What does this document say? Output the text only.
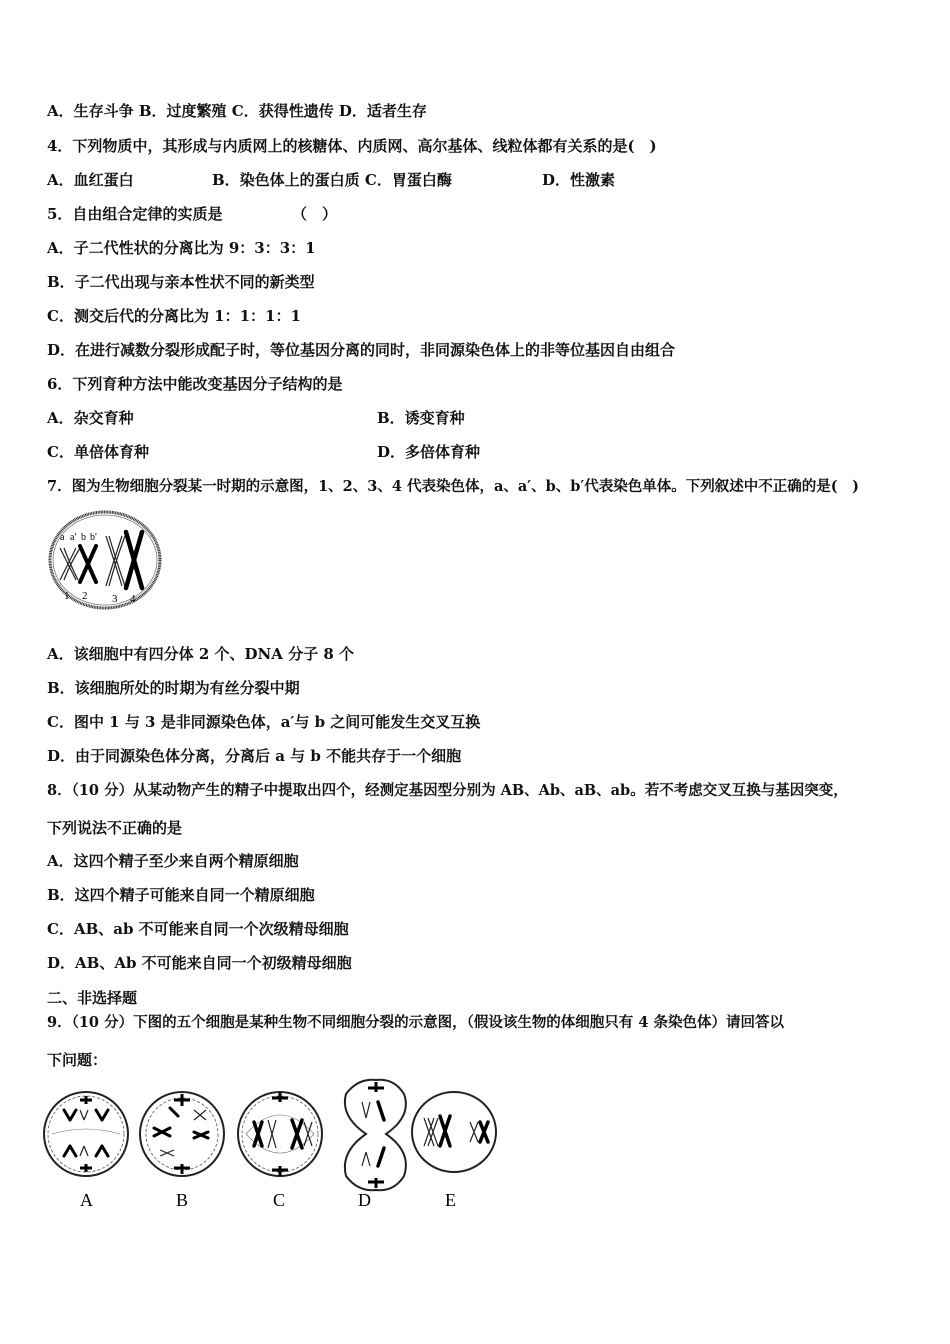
A．生存斗争 B．过度繁殖 C．获得性遗传 D．适者生存
4．下列物质中，其形成与内质网上的核糖体、内质网、高尔基体、线粒体都有关系的是(　)
A．血红蛋白	B．染色体上的蛋白质 C．胃蛋白酶	D．性激素
5．自由组合定律的实质是	（　）
A．子二代性状的分离比为 9：3：3：1
B．子二代出现与亲本性状不同的新类型
C．测交后代的分离比为 1：1：1：1
D．在进行减数分裂形成配子时，等位基因分离的同时，非同源染色体上的非等位基因自由组合
6．下列育种方法中能改变基因分子结构的是
A．杂交育种	B．诱变育种
C．单倍体育种	D．多倍体育种
7．图为生物细胞分裂某一时期的示意图，1、2、3、4 代表染色体，a、a′、b、b′代表染色单体。下列叙述中不正确的是(　)
a a' b b'
1 2 3 4
A．该细胞中有四分体 2 个、DNA 分子 8 个
B．该细胞所处的时期为有丝分裂中期
C．图中 1 与 3 是非同源染色体，a′与 b 之间可能发生交叉互换
D．由于同源染色体分离，分离后 a 与 b 不能共存于一个细胞
8．（10 分）从某动物产生的精子中提取出四个，经测定基因型分别为 AB、Ab、aB、ab。若不考虑交叉互换与基因突变，
下列说法不正确的是
A．这四个精子至少来自两个精原细胞
B．这四个精子可能来自同一个精原细胞
C．AB、ab 不可能来自同一个次级精母细胞
D．AB、Ab 不可能来自同一个初级精母细胞
二、非选择题
9．（10 分）下图的五个细胞是某种生物不同细胞分裂的示意图，（假设该生物的体细胞只有 4 条染色体）请回答以
下问题：
A	B	C	D	E
